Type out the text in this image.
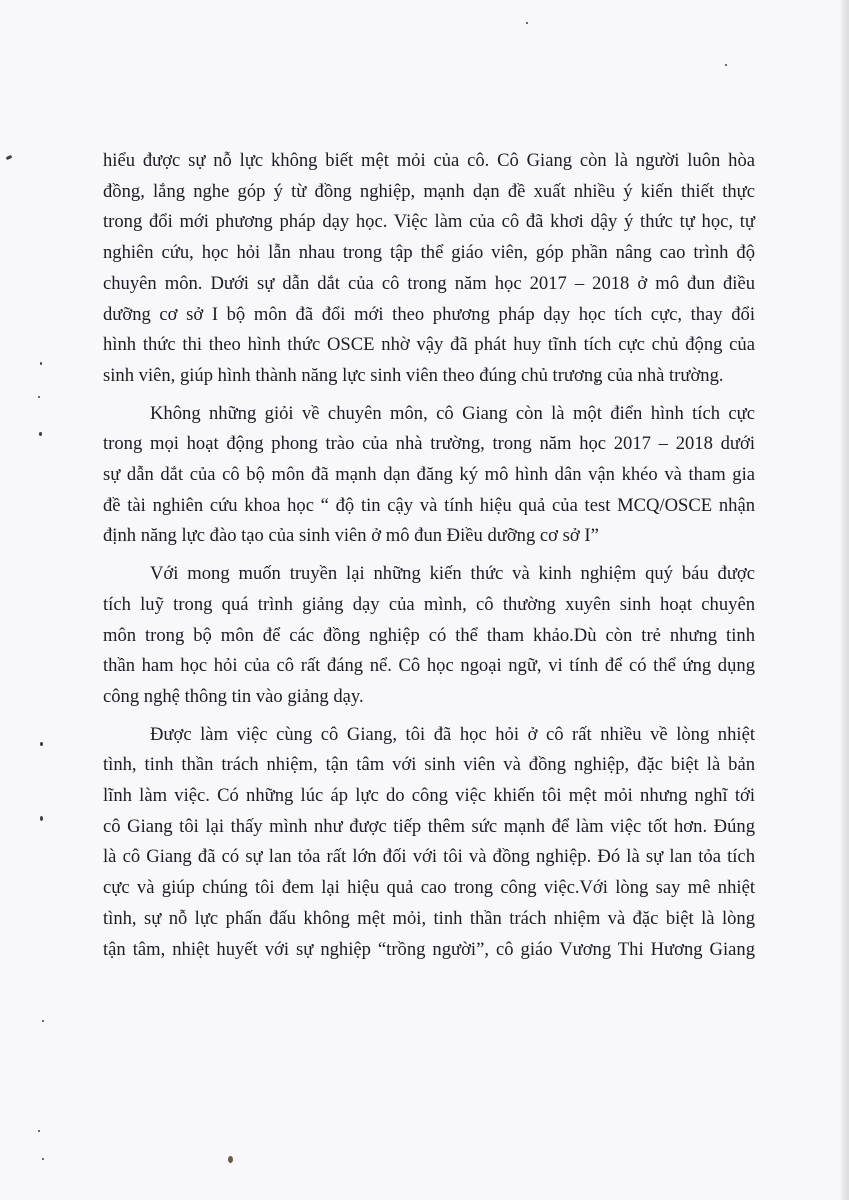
hiểu được sự nỗ lực không biết mệt mỏi của cô. Cô Giang còn là người luôn hòa
đồng, lắng nghe góp ý từ đồng nghiệp, mạnh dạn đề xuất nhiều ý kiến thiết thực
trong đổi mới phương pháp dạy học. Việc làm của cô đã khơi dậy ý thức tự học, tự
nghiên cứu, học hỏi lẫn nhau trong tập thể giáo viên, góp phần nâng cao trình độ
chuyên môn. Dưới sự dẫn dắt của cô trong năm học 2017 – 2018 ở mô đun điều
dưỡng cơ sở I bộ môn đã đổi mới theo phương pháp dạy học tích cực, thay đổi
hình thức thi theo hình thức OSCE nhờ vậy đã phát huy tĩnh tích cực chủ động của
sinh viên, giúp hình thành năng lực sinh viên theo đúng chủ trương của nhà trường.

Không những giỏi về chuyên môn, cô Giang còn là một điển hình tích cực
trong mọi hoạt động phong trào của nhà trường, trong năm học 2017 – 2018 dưới
sự dẫn dắt của cô bộ môn đã mạnh dạn đăng ký mô hình dân vận khéo và tham gia
đề tài nghiên cứu khoa học “ độ tin cậy và tính hiệu quả của test MCQ/OSCE nhận
định năng lực đào tạo của sinh viên ở mô đun Điều dưỡng cơ sở I”

Với mong muốn truyền lại những kiến thức và kinh nghiệm quý báu được
tích luỹ trong quá trình giảng dạy của mình, cô thường xuyên sinh hoạt chuyên
môn trong bộ môn để các đồng nghiệp có thể tham khảo.Dù còn trẻ nhưng tinh
thần ham học hỏi của cô rất đáng nể. Cô học ngoại ngữ, vi tính để có thể ứng dụng
công nghệ thông tin vào giảng dạy.

Được làm việc cùng cô Giang, tôi đã học hỏi ở cô rất nhiều về lòng nhiệt
tình, tinh thần trách nhiệm, tận tâm với sinh viên và đồng nghiệp, đặc biệt là bản
lĩnh làm việc. Có những lúc áp lực do công việc khiến tôi mệt mỏi nhưng nghĩ tới
cô Giang tôi lại thấy mình như được tiếp thêm sức mạnh để làm việc tốt hơn. Đúng
là cô Giang đã có sự lan tỏa rất lớn đối với tôi và đồng nghiệp. Đó là sự lan tỏa tích
cực và giúp chúng tôi đem lại hiệu quả cao trong công việc.Với lòng say mê nhiệt
tình, sự nỗ lực phấn đấu không mệt mỏi, tinh thần trách nhiệm và đặc biệt là lòng
tận tâm, nhiệt huyết với sự nghiệp “trồng người”, cô giáo Vương Thi Hương Giang
